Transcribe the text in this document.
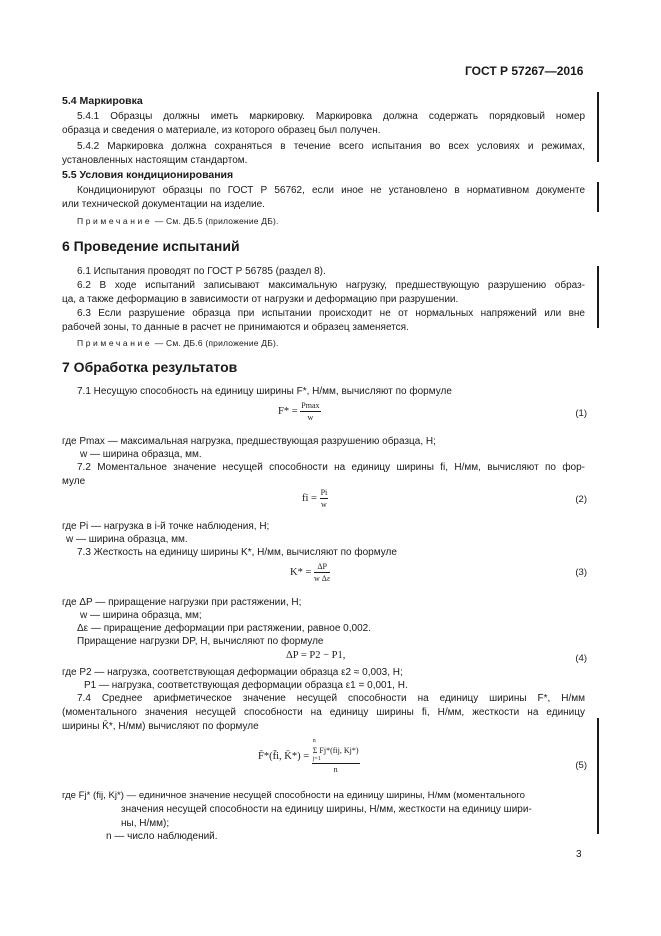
ГОСТ Р 57267—2016
5.4 Маркировка
5.4.1 Образцы должны иметь маркировку. Маркировка должна содержать порядковый номер
образца и сведения о материале, из которого образец был получен.
5.4.2 Маркировка должна сохраняться в течение всего испытания во всех условиях и режимах,
установленных настоящим стандартом.
5.5 Условия кондиционирования
Кондиционируют образцы по ГОСТ Р 56762, если иное не установлено в нормативном документе
или технической документации на изделие.
Примечание — См. ДБ.5 (приложение ДБ).
6 Проведение испытаний
6.1 Испытания проводят по ГОСТ Р 56785 (раздел 8).
6.2 В ходе испытаний записывают максимальную нагрузку, предшествующую разрушению образ-
ца, а также деформацию в зависимости от нагрузки и деформацию при разрушении.
6.3 Если разрушение образца при испытании происходит не от нормальных напряжений или вне
рабочей зоны, то данные в расчет не принимаются и образец заменяется.
Примечание — См. ДБ.6 (приложение ДБ).
7 Обработка результатов
7.1 Несущую способность на единицу ширины F*, Н/мм, вычисляют по формуле
$F* = \frac{Pmax}{w}$	(1)
где Pmax — максимальная нагрузка, предшествующая разрушению образца, Н;
w — ширина образца, мм.
7.2 Моментальное значение несущей способности на единицу ширины fi, Н/мм, вычисляют по фор-
муле
fi = $\frac{Pi}{w}$	(2)
где Pi — нагрузка в i-й точке наблюдения, Н;
w — ширина образца, мм.
7.3 Жесткость на единицу ширины K*, Н/мм, вычисляют по формуле
$K* = \frac{\Delta P}{\text{w Δε}}$	(3)
где ΔP — приращение нагрузки при растяжении, Н;
w — ширина образца, мм;
Δε — приращение деформации при растяжении, равное 0,002.
Приращение нагрузки DP, Н, вычисляют по формуле
ΔP = P2 − P1,	(4)
где P2 — нагрузка, соответствующая деформации образца ε2 ≈ 0,003, Н;
P1 — нагрузка, соответствующая деформации образца ε1 = 0,001, Н.
7.4 Среднее арифметическое значение несущей способности на единицу ширины F̄*, Н/мм
(моментального значения несущей способности на единицу ширины f̄i, Н/мм, жесткости на единицу
ширины K̄*, Н/мм) вычисляют по формуле
F̄*(f̄i, K̄*) = n
Σ Fj*(fij, Kj*)
j=1
n	(5)
где Fj* (fij, Kj*) — единичное значение несущей способности на единицу ширины, Н/мм (моментального
значения несущей способности на единицу ширины, Н/мм, жесткости на единицу шири-
ны, Н/мм);
n — число наблюдений.
3
